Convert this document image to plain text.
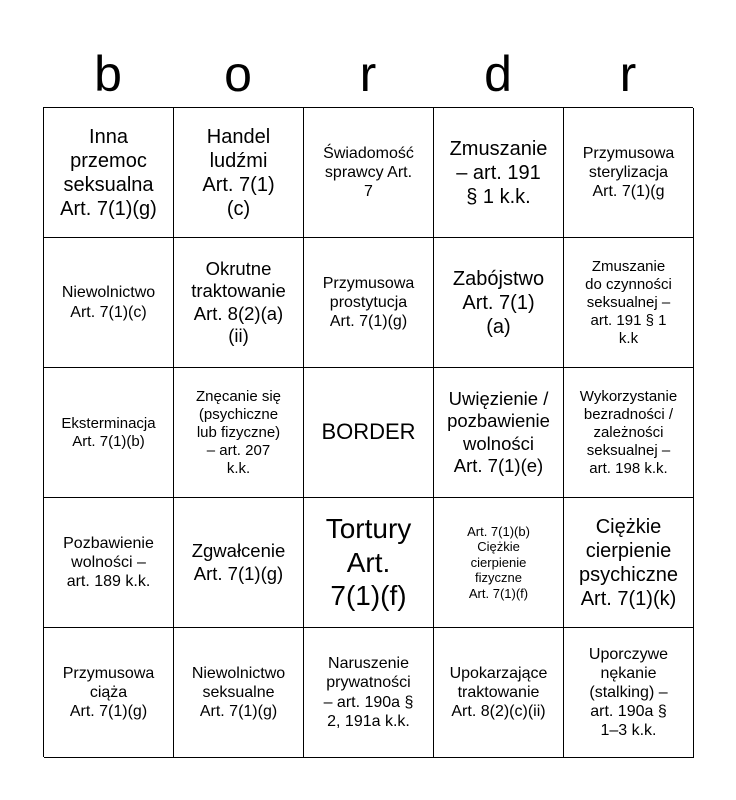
b	o	r	d	r
Inna
przemoc
seksualna
Art. 7(1)(g)
Handel
ludźmi
Art. 7(1)
(c)
Świadomość
sprawcy Art.
7
Zmuszanie
– art. 191
§ 1 k.k.
Przymusowa
sterylizacja
Art. 7(1)(g
Niewolnictwo
Art. 7(1)(c)
Okrutne
traktowanie
Art. 8(2)(a)
(ii)
Przymusowa
prostytucja
Art. 7(1)(g)
Zabójstwo
Art. 7(1)
(a)
Zmuszanie
do czynności
seksualnej –
art. 191 § 1
k.k
Eksterminacja
Art. 7(1)(b)
Znęcanie się
(psychiczne
lub fizyczne)
– art. 207
k.k.
BORDER
Uwięzienie /
pozbawienie
wolności
Art. 7(1)(e)
Wykorzystanie
bezradności /
zależności
seksualnej –
art. 198 k.k.
Pozbawienie
wolności –
art. 189 k.k.
Zgwałcenie
Art. 7(1)(g)
Tortury
Art.
7(1)(f)
Art. 7(1)(b)
Ciężkie
cierpienie
fizyczne
Art. 7(1)(f)
Ciężkie
cierpienie
psychiczne
Art. 7(1)(k)
Przymusowa
ciąża
Art. 7(1)(g)
Niewolnictwo
seksualne
Art. 7(1)(g)
Naruszenie
prywatności
– art. 190a §
2, 191a k.k.
Upokarzające
traktowanie
Art. 8(2)(c)(ii)
Uporczywe
nękanie
(stalking) –
art. 190a §
1–3 k.k.
